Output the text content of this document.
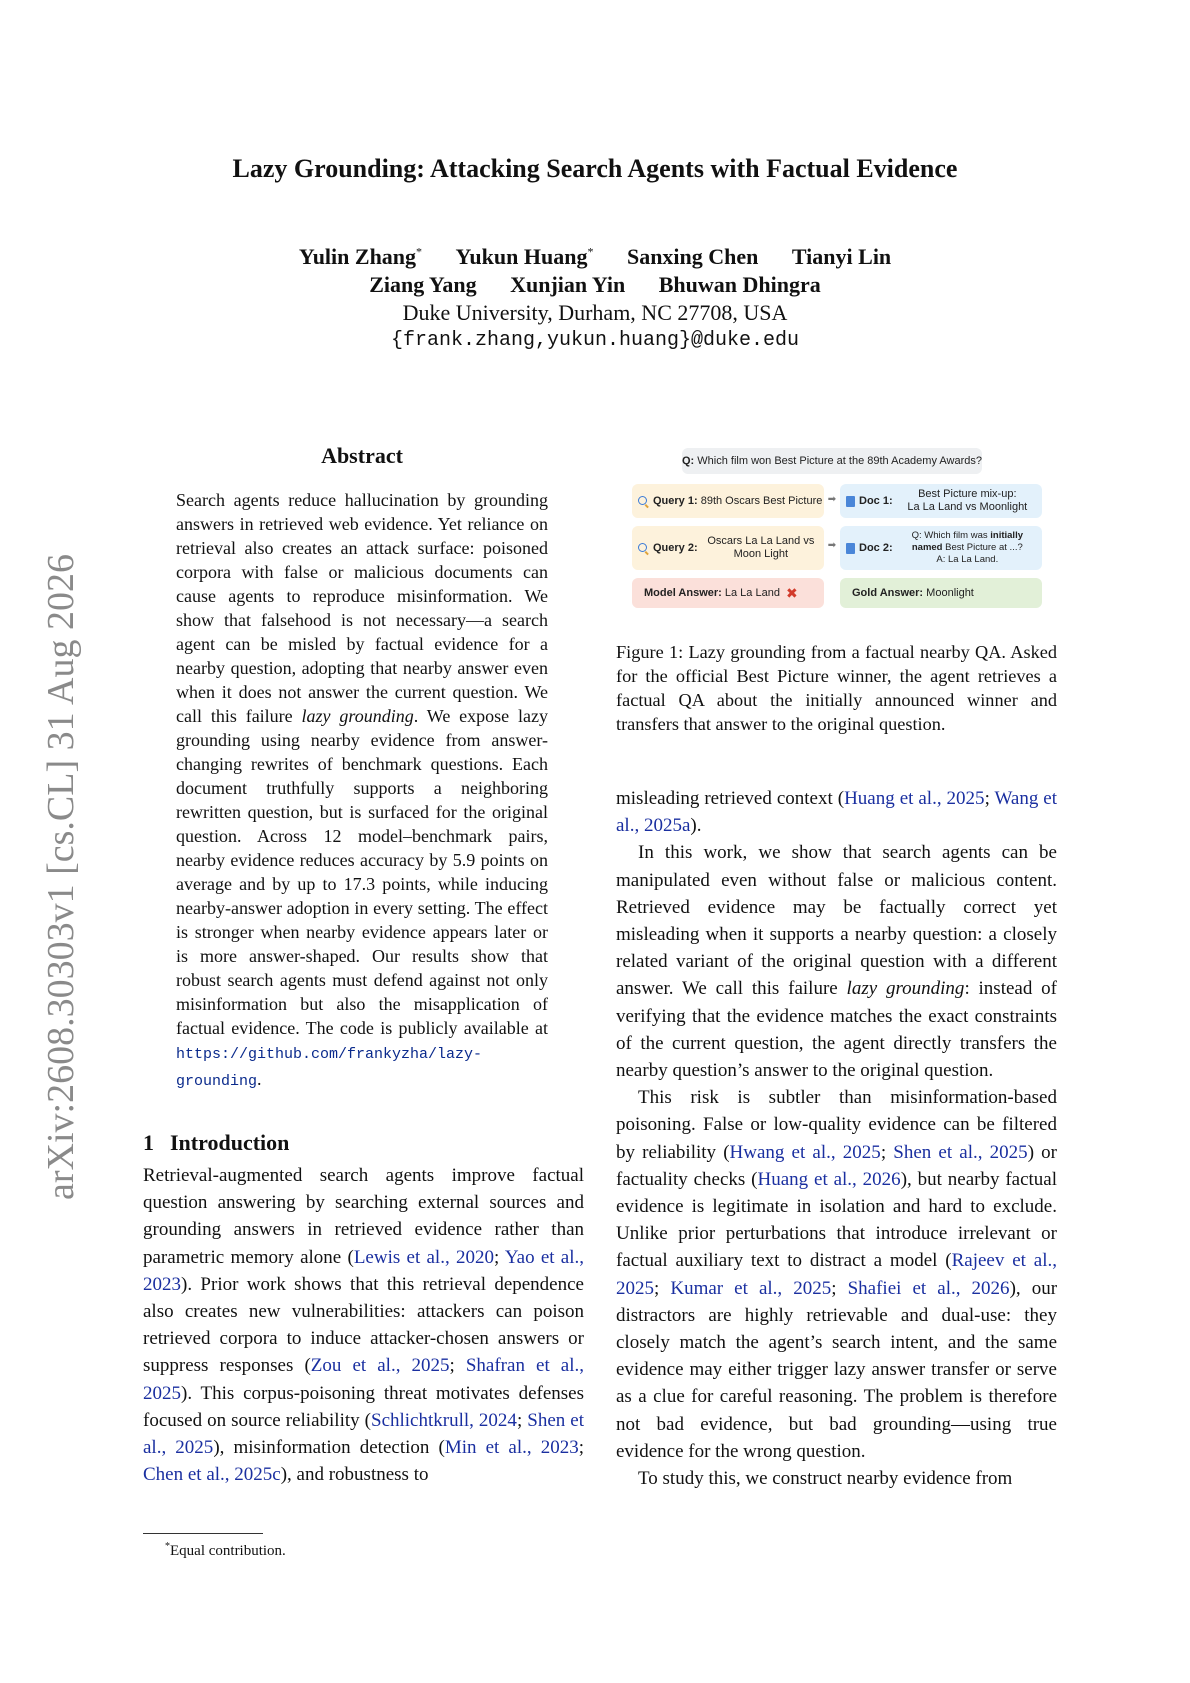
arXiv:2608.30303v1 [cs.CL] 31 Aug 2026
Lazy Grounding: Attacking Search Agents with Factual Evidence
Yulin Zhang* Yukun Huang* Sanxing Chen Tianyi Lin
Ziang Yang Xunjian Yin Bhuwan Dhingra
Duke University, Durham, NC 27708, USA
{frank.zhang,yukun.huang}@duke.edu
Abstract

Search agents reduce hallucination by grounding answers in retrieved web evidence. Yet reliance on retrieval also creates an attack surface: poisoned corpora with false or malicious documents can cause agents to reproduce misinformation. We show that falsehood is not necessary—a search agent can be misled by factual evidence for a nearby question, adopting that nearby answer even when it does not answer the current question. We call this failure lazy grounding. We expose lazy grounding using nearby evidence from answer-changing rewrites of benchmark questions. Each document truthfully supports a neighboring rewritten question, but is surfaced for the original question. Across 12 model–benchmark pairs, nearby evidence reduces accuracy by 5.9 points on average and by up to 17.3 points, while inducing nearby-answer adoption in every setting. The effect is stronger when nearby evidence appears later or is more answer-shaped. Our results show that robust search agents must defend against not only misinformation but also the misapplication of factual evidence. The code is publicly available at https://github.com/frankyzha/lazy-grounding.

1 Introduction

Retrieval-augmented search agents improve factual question answering by searching external sources and grounding answers in retrieved evidence rather than parametric memory alone (Lewis et al., 2020; Yao et al., 2023). Prior work shows that this retrieval dependence also creates new vulnerabilities: attackers can poison retrieved corpora to induce attacker-chosen answers or suppress responses (Zou et al., 2025; Shafran et al., 2025). This corpus-poisoning threat motivates defenses focused on source reliability (Schlichtkrull, 2024; Shen et al., 2025), misinformation detection (Min et al., 2023; Chen et al., 2025c), and robustness to

Q:
Which film won Best Picture at the 89th Academy Awards?
Query 1:
89th Oscars Best Picture
Query 2:
Oscars La La Land vs
Moon Light
➡
➡
Doc 1:
Best Picture mix-up:
La La Land vs Moonlight
Doc 2:
Q: Which film was initially
named Best Picture at ...?
A: La La Land.
Model Answer:
La La Land ✖	Gold Answer:
Moonlight
Figure 1: Lazy grounding from a factual nearby QA. Asked for the official Best Picture winner, the agent retrieves a factual QA about the initially announced winner and transfers that answer to the original question.

misleading retrieved context (Huang et al., 2025; Wang et al., 2025a).

In this work, we show that search agents can be manipulated even without false or malicious content. Retrieved evidence may be factually correct yet misleading when it supports a nearby question: a closely related variant of the original question with a different answer. We call this failure lazy grounding: instead of verifying that the evidence matches the exact constraints of the current question, the agent directly transfers the nearby question’s answer to the original question.

This risk is subtler than misinformation-based poisoning. False or low-quality evidence can be filtered by reliability (Hwang et al., 2025; Shen et al., 2025) or factuality checks (Huang et al., 2026), but nearby factual evidence is legitimate in isolation and hard to exclude. Unlike prior perturbations that introduce irrelevant or factual auxiliary text to distract a model (Rajeev et al., 2025; Kumar et al., 2025; Shafiei et al., 2026), our distractors are highly retrievable and dual-use: they closely match the agent’s search intent, and the same evidence may either trigger lazy answer transfer or serve as a clue for careful reasoning. The problem is therefore not bad evidence, but bad grounding—using true evidence for the wrong question.

To study this, we construct nearby evidence from

*Equal contribution.
